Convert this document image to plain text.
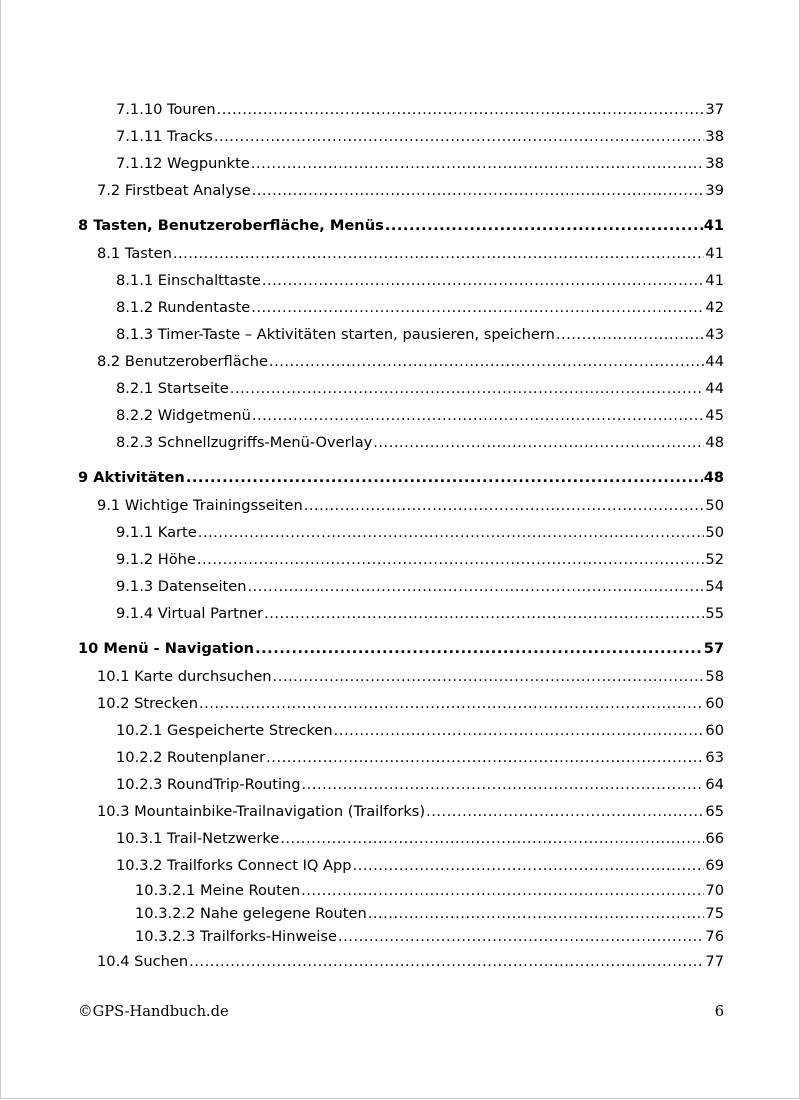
7.1.10 Touren .....	37
7.1.11 Tracks .....	38
7.1.12 Wegpunkte .....	38
7.2 Firstbeat Analyse .....	39
8 Tasten, Benutzeroberfläche, Menüs .....	41
8.1 Tasten .....	41
8.1.1 Einschalttaste .....	41
8.1.2 Rundentaste .....	42
8.1.3 Timer-Taste – Aktivitäten starten, pausieren, speichern .....	43
8.2 Benutzeroberfläche .....	44
8.2.1 Startseite .....	44
8.2.2 Widgetmenü .....	45
8.2.3 Schnellzugriffs-Menü-Overlay .....	48
9 Aktivitäten .....	48
9.1 Wichtige Trainingsseiten .....	50
9.1.1 Karte .....	50
9.1.2 Höhe .....	52
9.1.3 Datenseiten .....	54
9.1.4 Virtual Partner .....	55
10 Menü - Navigation .....	57
10.1 Karte durchsuchen .....	58
10.2 Strecken .....	60
10.2.1 Gespeicherte Strecken .....	60
10.2.2 Routenplaner .....	63
10.2.3 RoundTrip-Routing .....	64
10.3 Mountainbike-Trailnavigation (Trailforks) .....	65
10.3.1 Trail-Netzwerke .....	66
10.3.2 Trailforks Connect IQ App .....	69
10.3.2.1 Meine Routen .....	70
10.3.2.2 Nahe gelegene Routen .....	75
10.3.2.3 Trailforks-Hinweise .....	76
10.4 Suchen .....	77
©GPS-Handbuch.de	6
